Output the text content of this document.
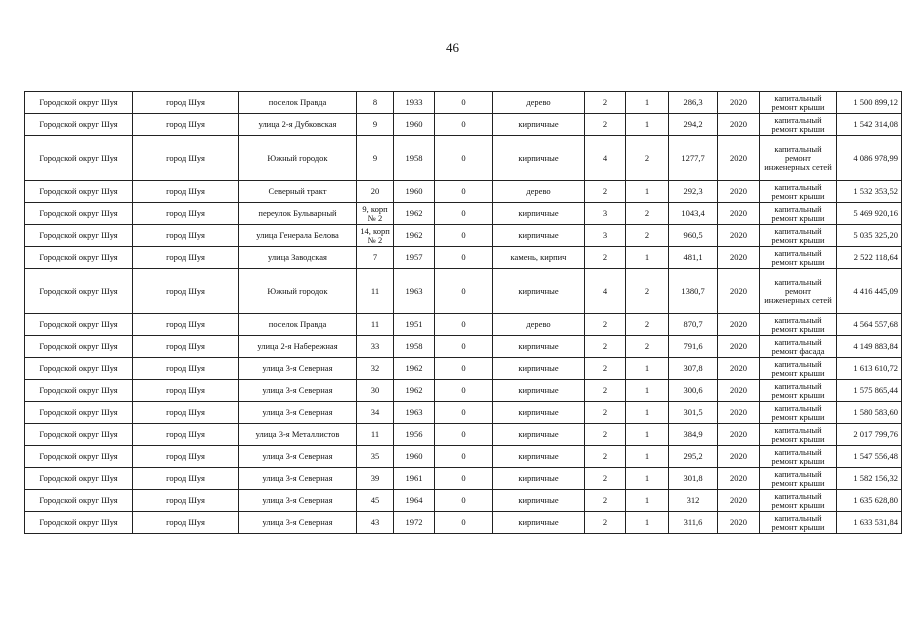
46
Городской округ Шуя	город Шуя	поселок Правда	8	1933	0	дерево	2	1	286,3	2020	капитальный ремонт крыши	1 500 899,12
Городской округ Шуя	город Шуя	улица 2-я Дубковская	9	1960	0	кирпичные	2	1	294,2	2020	капитальный ремонт крыши	1 542 314,08
Городской округ Шуя	город Шуя	Южный городок	9	1958	0	кирпичные	4	2	1277,7	2020	капитальный ремонт инженерных сетей	4 086 978,99
Городской округ Шуя	город Шуя	Северный тракт	20	1960	0	дерево	2	1	292,3	2020	капитальный ремонт крыши	1 532 353,52
Городской округ Шуя	город Шуя	переулок Бульварный	9, корп № 2	1962	0	кирпичные	3	2	1043,4	2020	капитальный ремонт крыши	5 469 920,16
Городской округ Шуя	город Шуя	улица Генерала Белова	14, корп № 2	1962	0	кирпичные	3	2	960,5	2020	капитальный ремонт крыши	5 035 325,20
Городской округ Шуя	город Шуя	улица Заводская	7	1957	0	камень, кирпич	2	1	481,1	2020	капитальный ремонт крыши	2 522 118,64
Городской округ Шуя	город Шуя	Южный городок	11	1963	0	кирпичные	4	2	1380,7	2020	капитальный ремонт инженерных сетей	4 416 445,09
Городской округ Шуя	город Шуя	поселок Правда	11	1951	0	дерево	2	2	870,7	2020	капитальный ремонт крыши	4 564 557,68
Городской округ Шуя	город Шуя	улица 2-я Набережная	33	1958	0	кирпичные	2	2	791,6	2020	капитальный ремонт фасада	4 149 883,84
Городской округ Шуя	город Шуя	улица 3-я Северная	32	1962	0	кирпичные	2	1	307,8	2020	капитальный ремонт крыши	1 613 610,72
Городской округ Шуя	город Шуя	улица 3-я Северная	30	1962	0	кирпичные	2	1	300,6	2020	капитальный ремонт крыши	1 575 865,44
Городской округ Шуя	город Шуя	улица 3-я Северная	34	1963	0	кирпичные	2	1	301,5	2020	капитальный ремонт крыши	1 580 583,60
Городской округ Шуя	город Шуя	улица 3-я Металлистов	11	1956	0	кирпичные	2	1	384,9	2020	капитальный ремонт крыши	2 017 799,76
Городской округ Шуя	город Шуя	улица 3-я Северная	35	1960	0	кирпичные	2	1	295,2	2020	капитальный ремонт крыши	1 547 556,48
Городской округ Шуя	город Шуя	улица 3-я Северная	39	1961	0	кирпичные	2	1	301,8	2020	капитальный ремонт крыши	1 582 156,32
Городской округ Шуя	город Шуя	улица 3-я Северная	45	1964	0	кирпичные	2	1	312	2020	капитальный ремонт крыши	1 635 628,80
Городской округ Шуя	город Шуя	улица 3-я Северная	43	1972	0	кирпичные	2	1	311,6	2020	капитальный ремонт крыши	1 633 531,84
